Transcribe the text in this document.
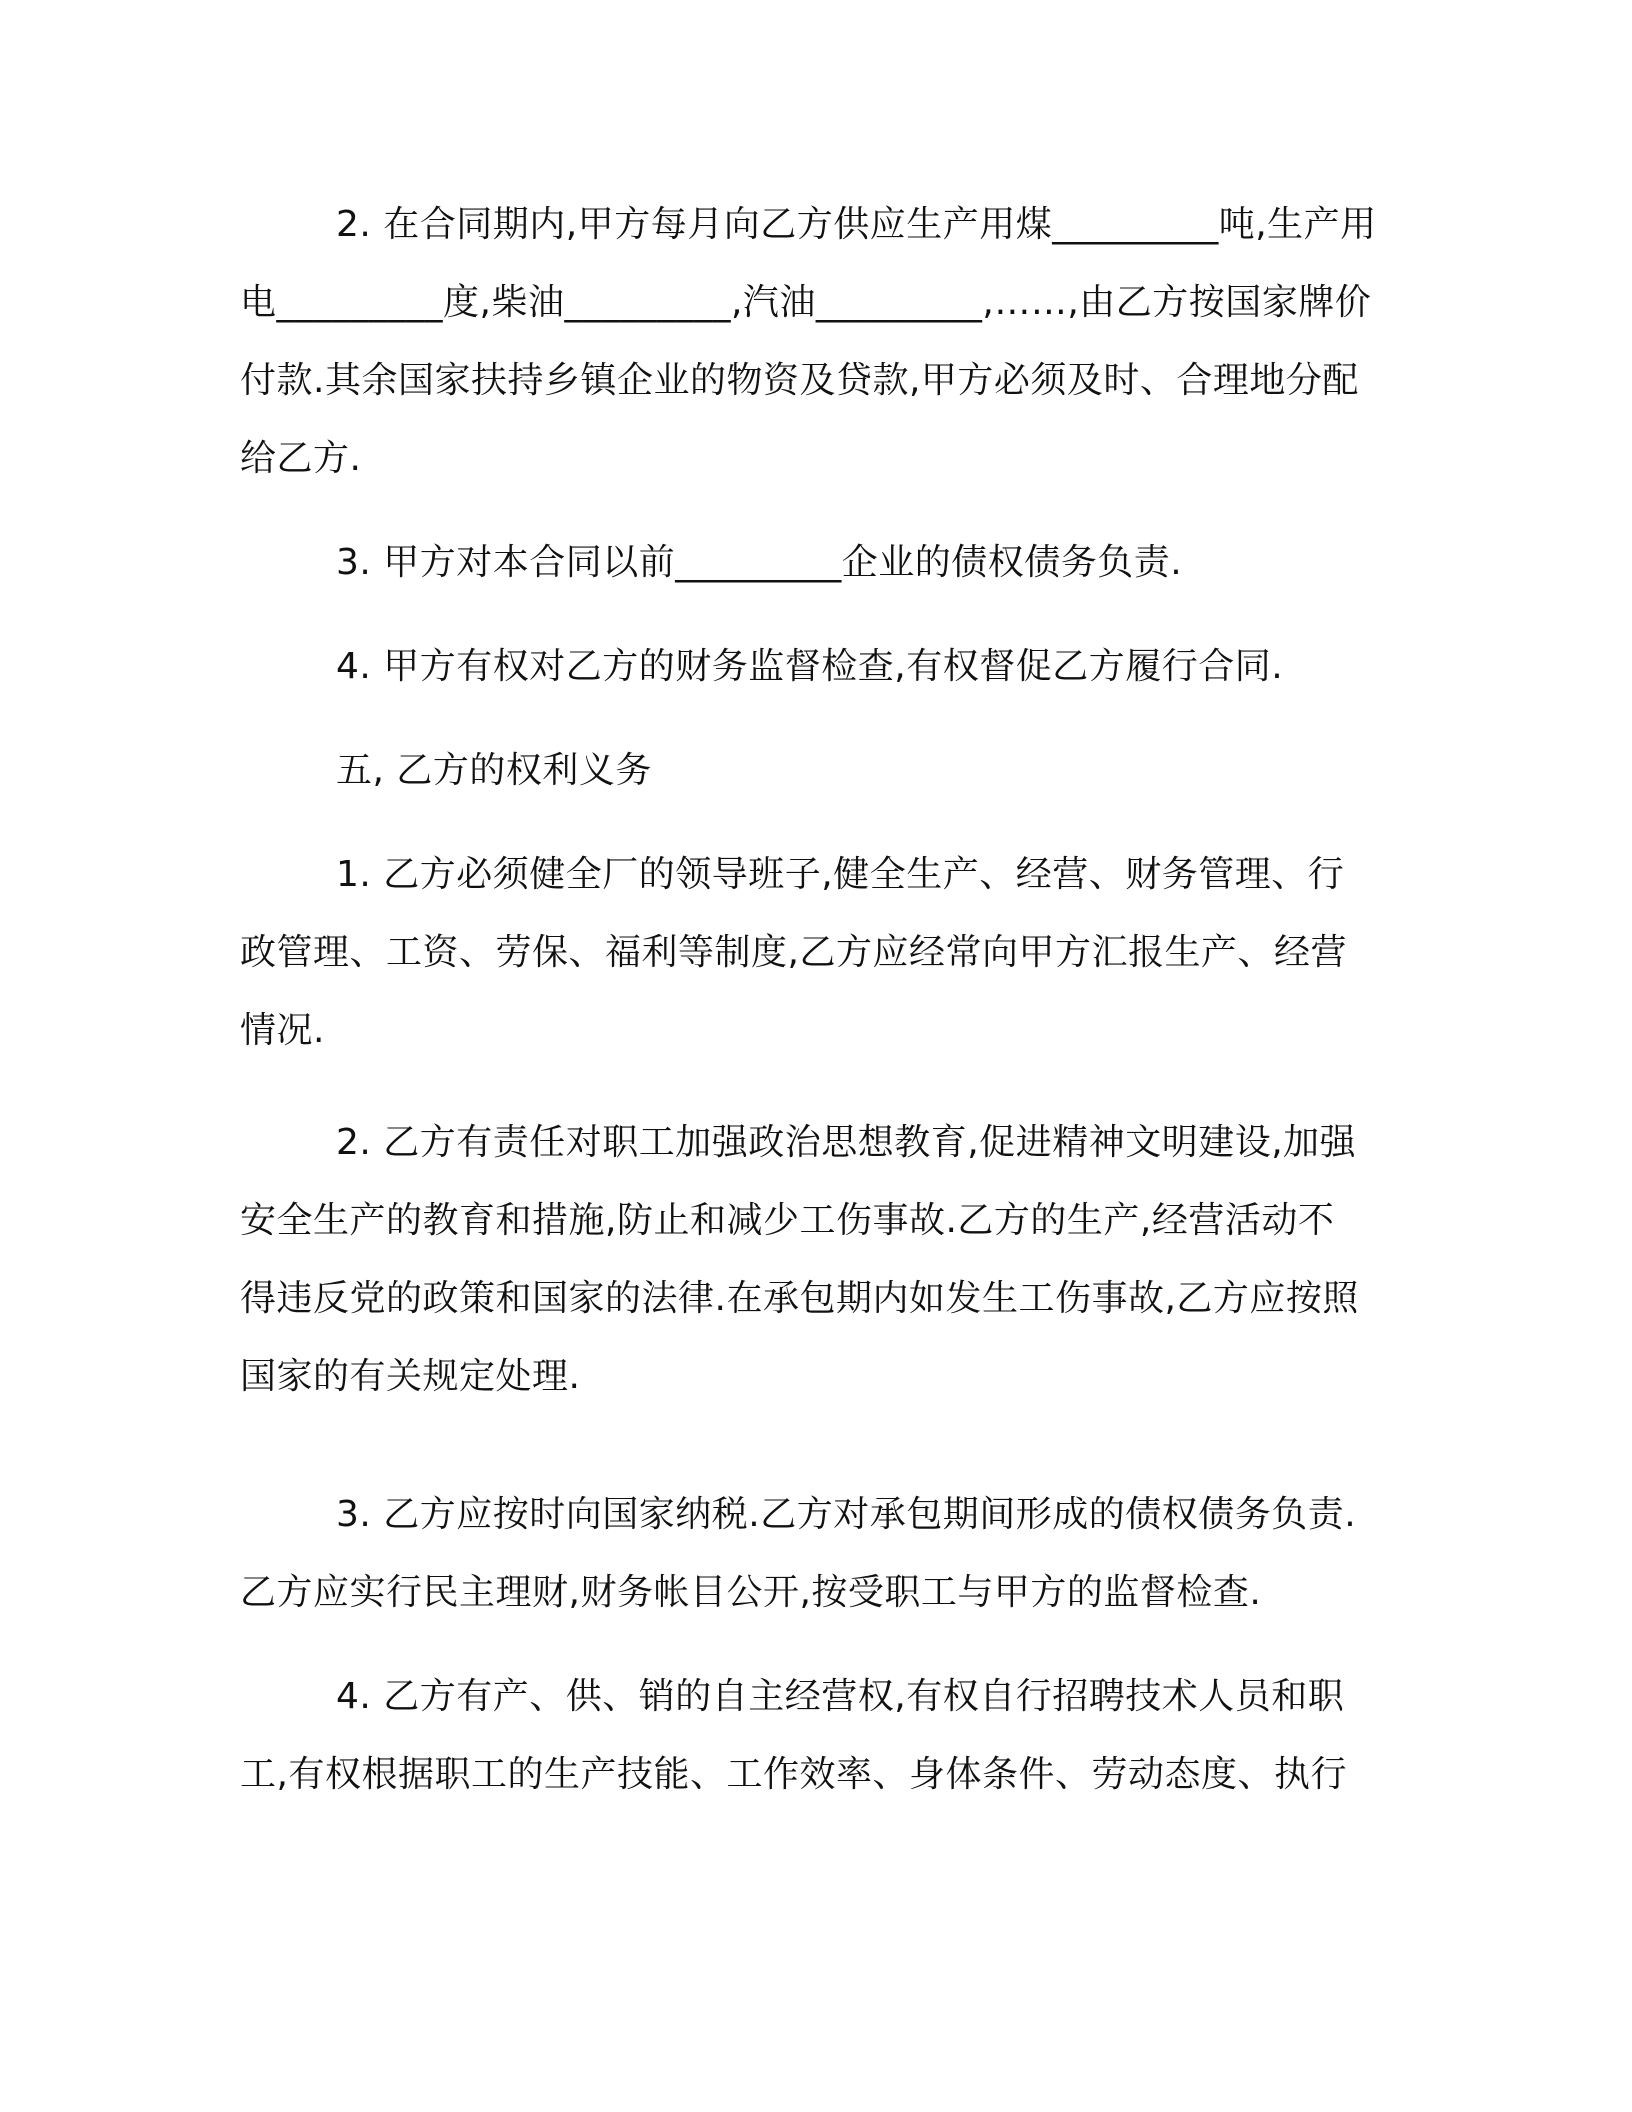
2. 在合同期内,甲方每月向乙方供应生产用煤_________吨,生产用
电_________度,柴油_________,汽油_________,……,由乙方按国家牌价
付款.其余国家扶持乡镇企业的物资及贷款,甲方必须及时、合理地分配
给乙方.
3. 甲方对本合同以前_________企业的债权债务负责.
4. 甲方有权对乙方的财务监督检查,有权督促乙方履行合同.
五, 乙方的权利义务
1. 乙方必须健全厂的领导班子,健全生产、经营、财务管理、行
政管理、工资、劳保、福利等制度,乙方应经常向甲方汇报生产、经营
情况.
2. 乙方有责任对职工加强政治思想教育,促进精神文明建设,加强
安全生产的教育和措施,防止和减少工伤事故.乙方的生产,经营活动不
得违反党的政策和国家的法律.在承包期内如发生工伤事故,乙方应按照
国家的有关规定处理.
3. 乙方应按时向国家纳税.乙方对承包期间形成的债权债务负责.
乙方应实行民主理财,财务帐目公开,按受职工与甲方的监督检查.
4. 乙方有产、供、销的自主经营权,有权自行招聘技术人员和职
工,有权根据职工的生产技能、工作效率、身体条件、劳动态度、执行
